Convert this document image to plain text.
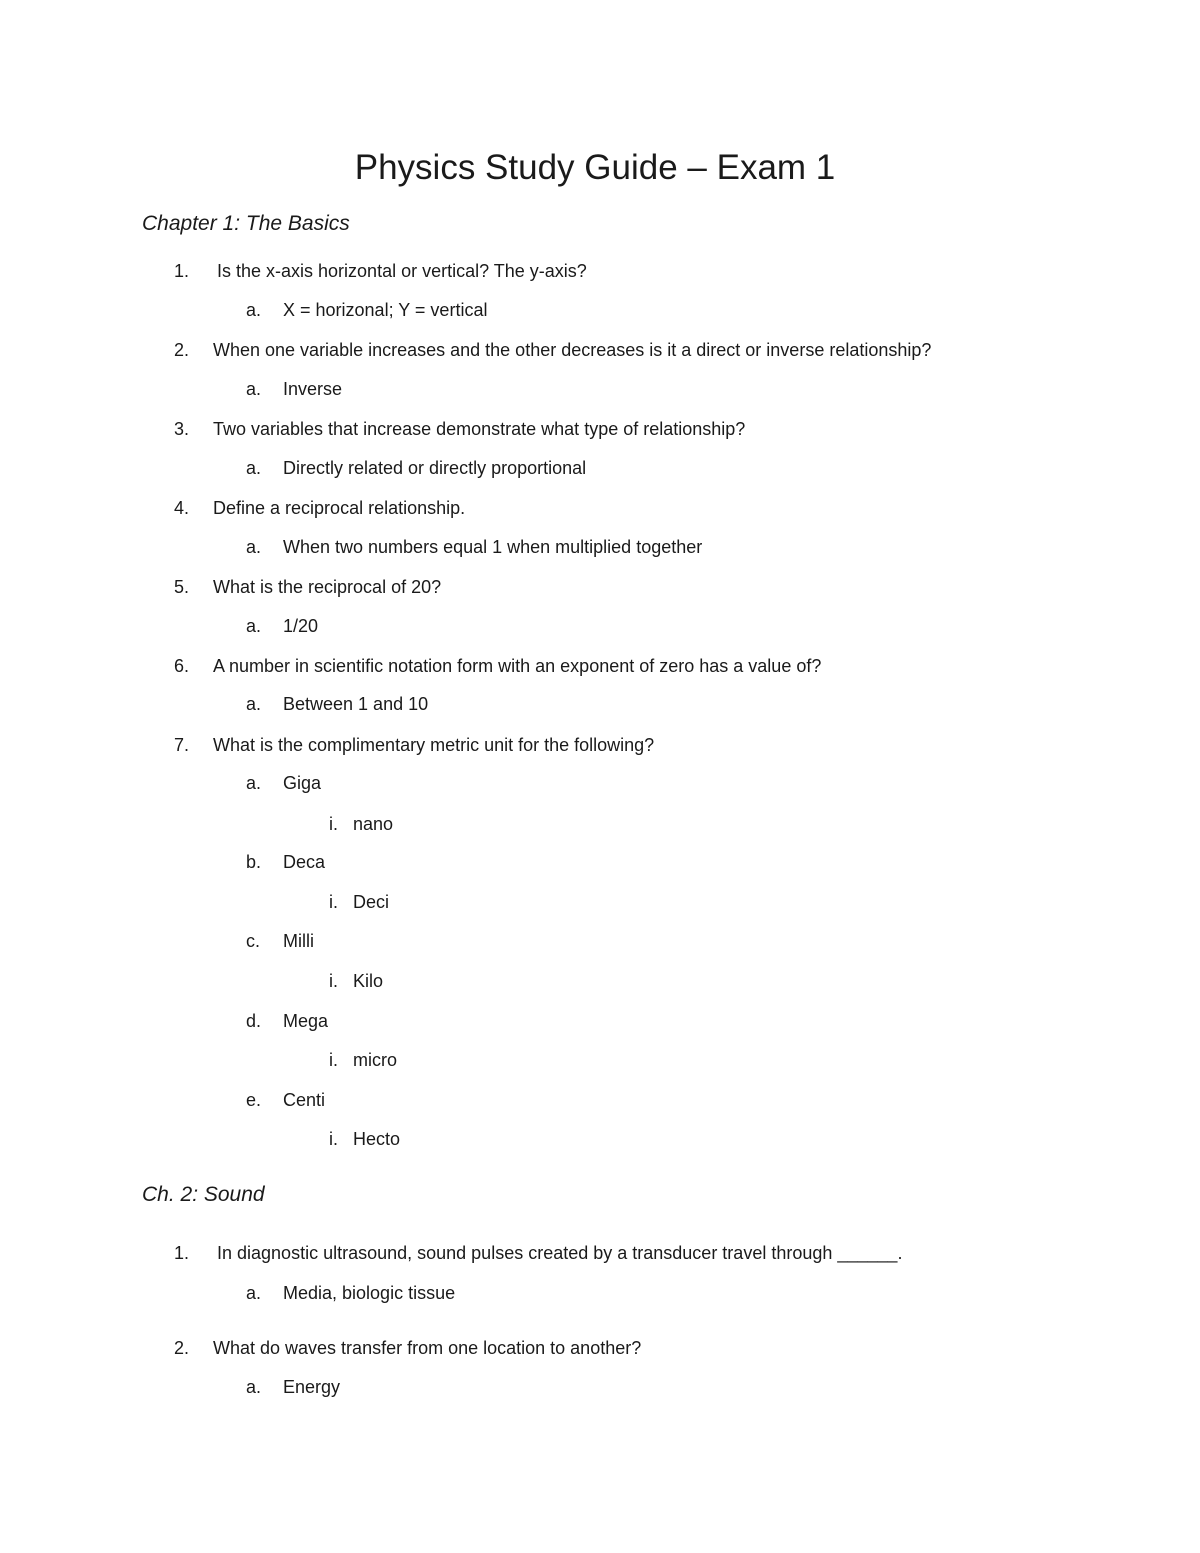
Physics Study Guide – Exam 1
Chapter 1: The Basics
1. Is the x-axis horizontal or vertical? The y-axis?
a. X = horizonal; Y = vertical
2. When one variable increases and the other decreases is it a direct or inverse relationship?
a. Inverse
3. Two variables that increase demonstrate what type of relationship?
a. Directly related or directly proportional
4. Define a reciprocal relationship.
a. When two numbers equal 1 when multiplied together
5. What is the reciprocal of 20?
a. 1/20
6. A number in scientific notation form with an exponent of zero has a value of?
a. Between 1 and 10
7. What is the complimentary metric unit for the following?
a. Giga
i. nano
b. Deca
i. Deci
c. Milli
i. Kilo
d. Mega
i. micro
e. Centi
i. Hecto
Ch. 2: Sound
1. In diagnostic ultrasound, sound pulses created by a transducer travel through ______.
a. Media, biologic tissue
2. What do waves transfer from one location to another?
a. Energy
